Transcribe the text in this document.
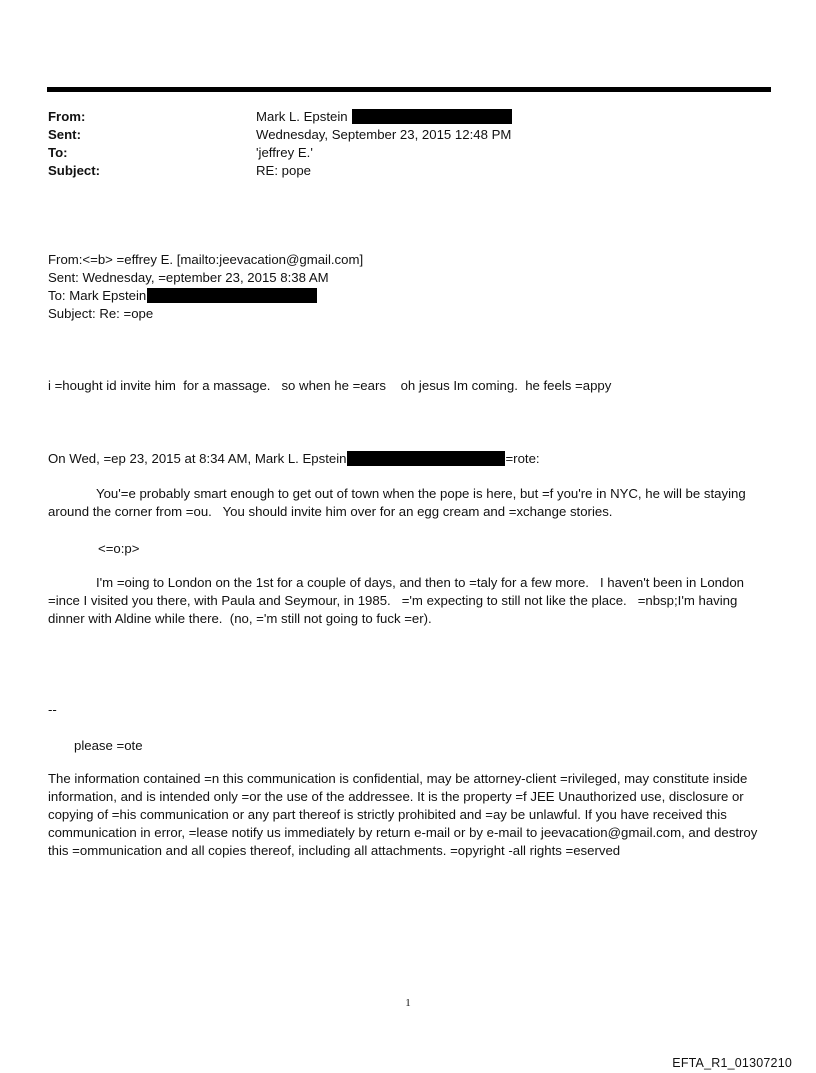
From:	Mark L. Epstein
Sent:	Wednesday, September 23, 2015 12:48 PM
To:	'jeffrey E.'
Subject:	RE: pope
From:<=b> =effrey E. [mailto:jeevacation@gmail.com]
Sent: Wednesday, =eptember 23, 2015 8:38 AM
To: Mark Epstein
Subject: Re: =ope
i =hought id invite him  for a massage.   so when he =ears    oh jesus Im coming.  he feels =appy
On Wed, =ep 23, 2015 at 8:34 AM, Mark L. Epstein	=rote:
You'=e probably smart enough to get out of town when the pope is here, but =f you're in NYC, he will be staying around the corner from =ou.   You should invite him over for an egg cream and =xchange stories.
<=o:p>
I'm =oing to London on the 1st for a couple of days, and then to =taly for a few more.   I haven't been in London =ince I visited you there, with Paula and Seymour, in 1985.   ='m expecting to still not like the place.   =nbsp;I'm having dinner with Aldine while there.  (no, ='m still not going to fuck =er).
--
please =ote
The information contained =n this communication is confidential, may be attorney-client =rivileged, may constitute inside information, and is intended only =or the use of the addressee. It is the property =f JEE Unauthorized use, disclosure or copying of =his communication or any part thereof is strictly prohibited and =ay be unlawful. If you have received this communication in error, =lease notify us immediately by return e-mail or by e-mail to jeevacation@gmail.com, and destroy this =ommunication and all copies thereof, including all attachments. =opyright -all rights =eserved
1
EFTA_R1_01307210
